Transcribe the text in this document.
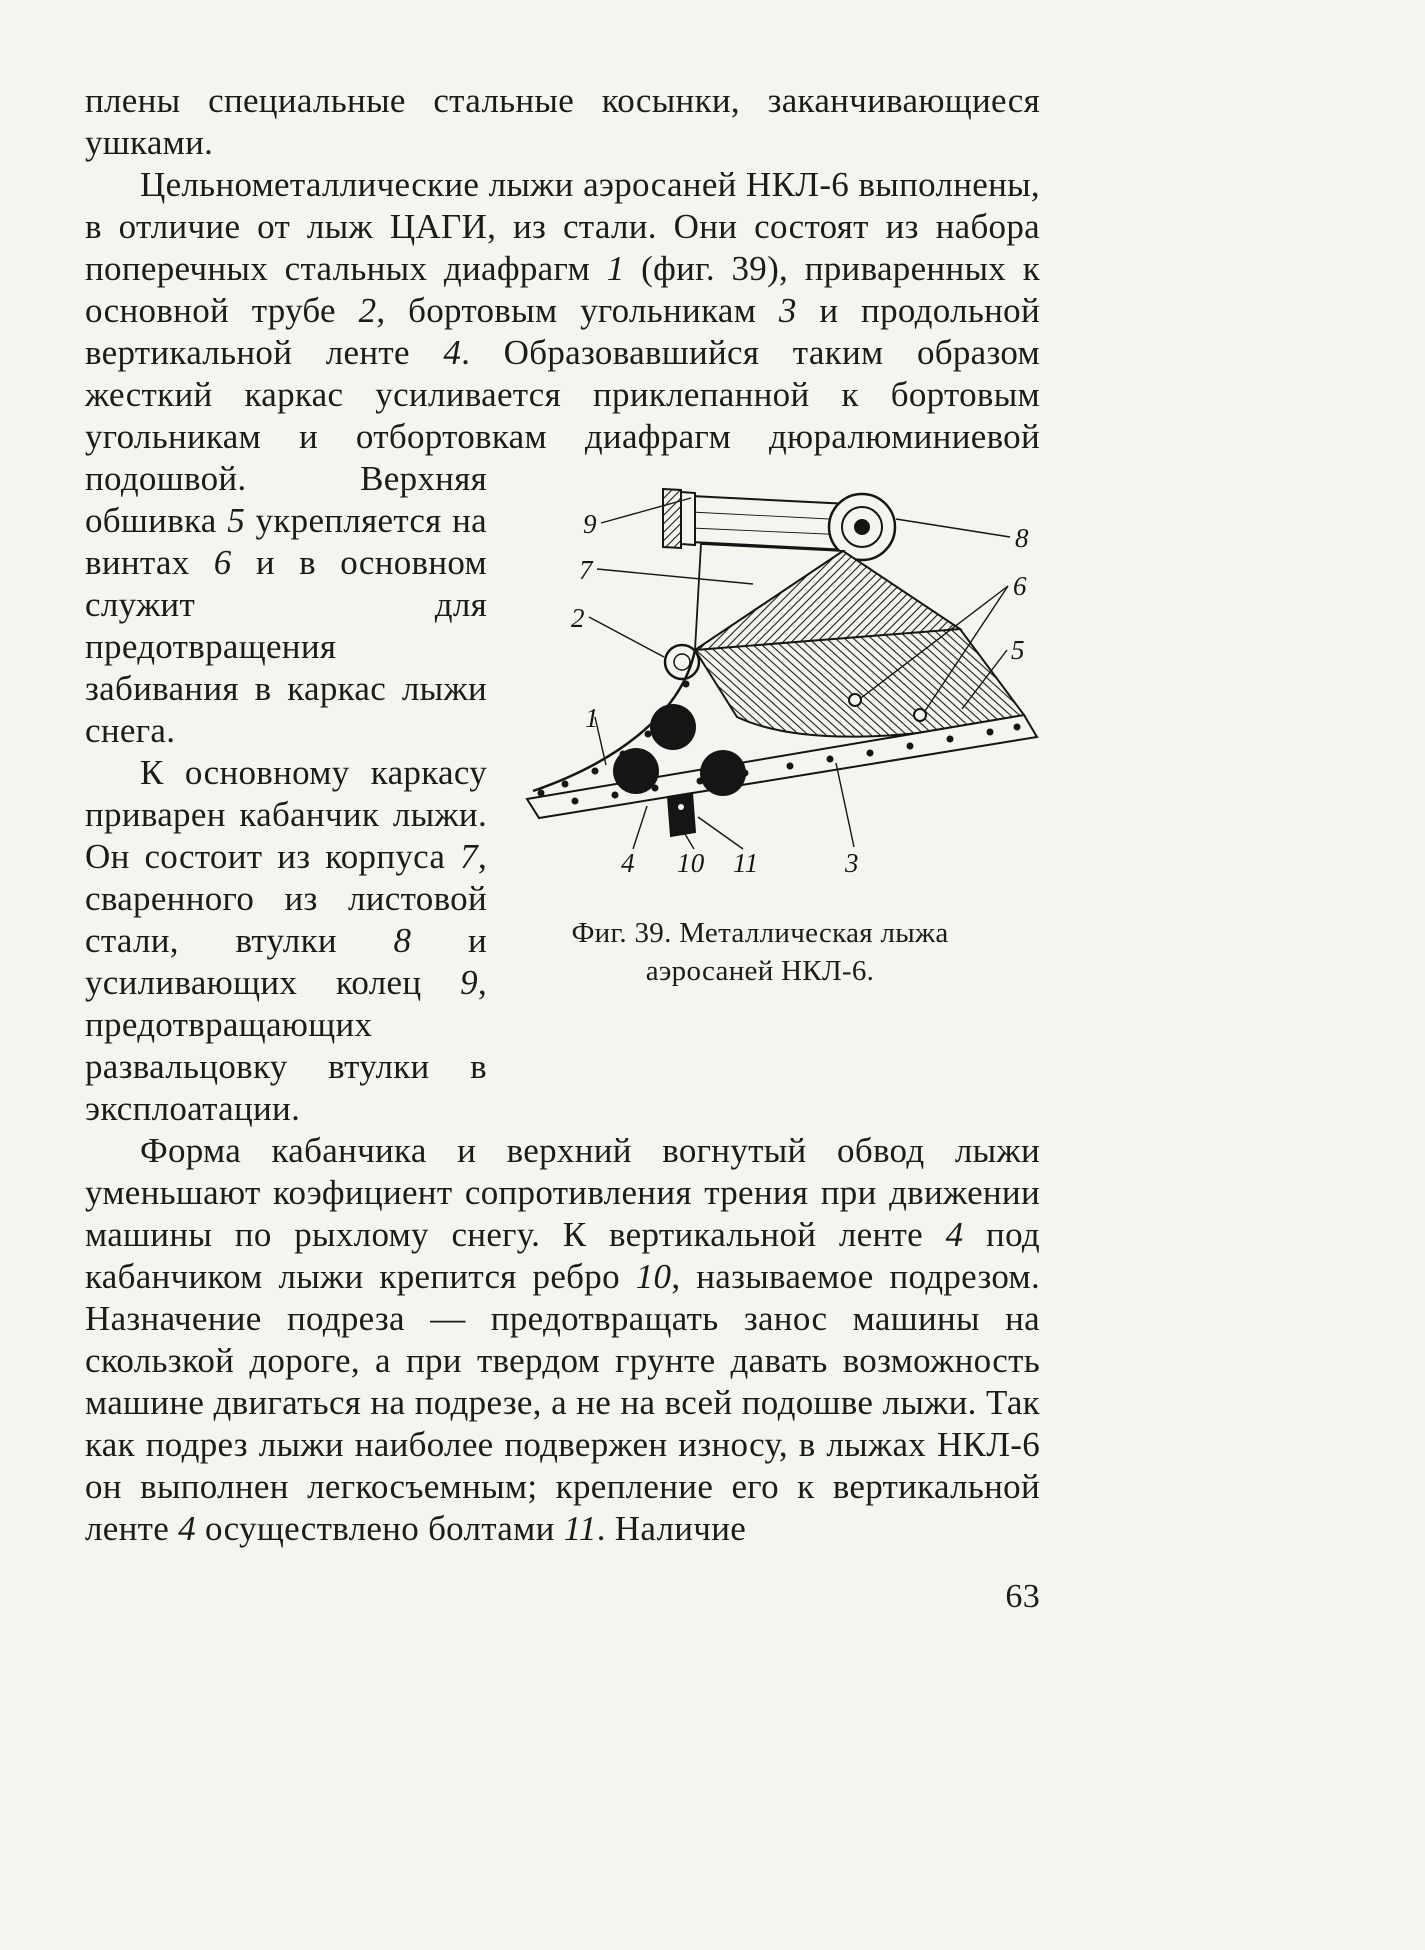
плены специальные стальные косынки, заканчивающиеся ушками.
Цельнометаллические лыжи аэросаней НКЛ-6 выполнены, в отличие от лыж ЦАГИ, из стали. Они состоят из набора поперечных стальных диафрагм 1 (фиг. 39), приваренных к основной трубе 2, бортовым угольникам 3 и продольной вертикальной ленте 4. Образовавшийся таким образом жесткий каркас усиливается приклепанной к бортовым угольникам и отбортовкам диафрагм
9
7
2
1
8
6
5
4 10 11	3
Фиг. 39. Металлическая лыжа аэросаней НКЛ-6.
дюралюминиевой подошвой. Верхняя обшивка 5 укрепляется на винтах 6 и в основном служит для предотвращения забивания в каркас лыжи снега.
К основному каркасу приварен кабанчик лыжи. Он состоит из корпуса 7, сваренного из листовой стали, втулки 8 и усиливающих колец 9, предотвращающих развальцовку втулки в эксплоатации.
Форма кабанчика и верхний вогнутый обвод лыжи уменьшают коэфициент сопротивления трения при движении машины по рыхлому снегу. К вертикальной ленте 4 под кабанчиком лыжи крепится ребро 10, называемое подрезом. Назначение подреза — предотвращать занос машины на скользкой дороге, а при твердом грунте давать возможность машине двигаться на подрезе, а не на всей подошве лыжи. Так как подрез лыжи наиболее подвержен износу, в лыжах НКЛ-6 он выполнен легкосъемным; крепление его к вертикальной ленте 4 осуществлено болтами 11. Наличие
63
